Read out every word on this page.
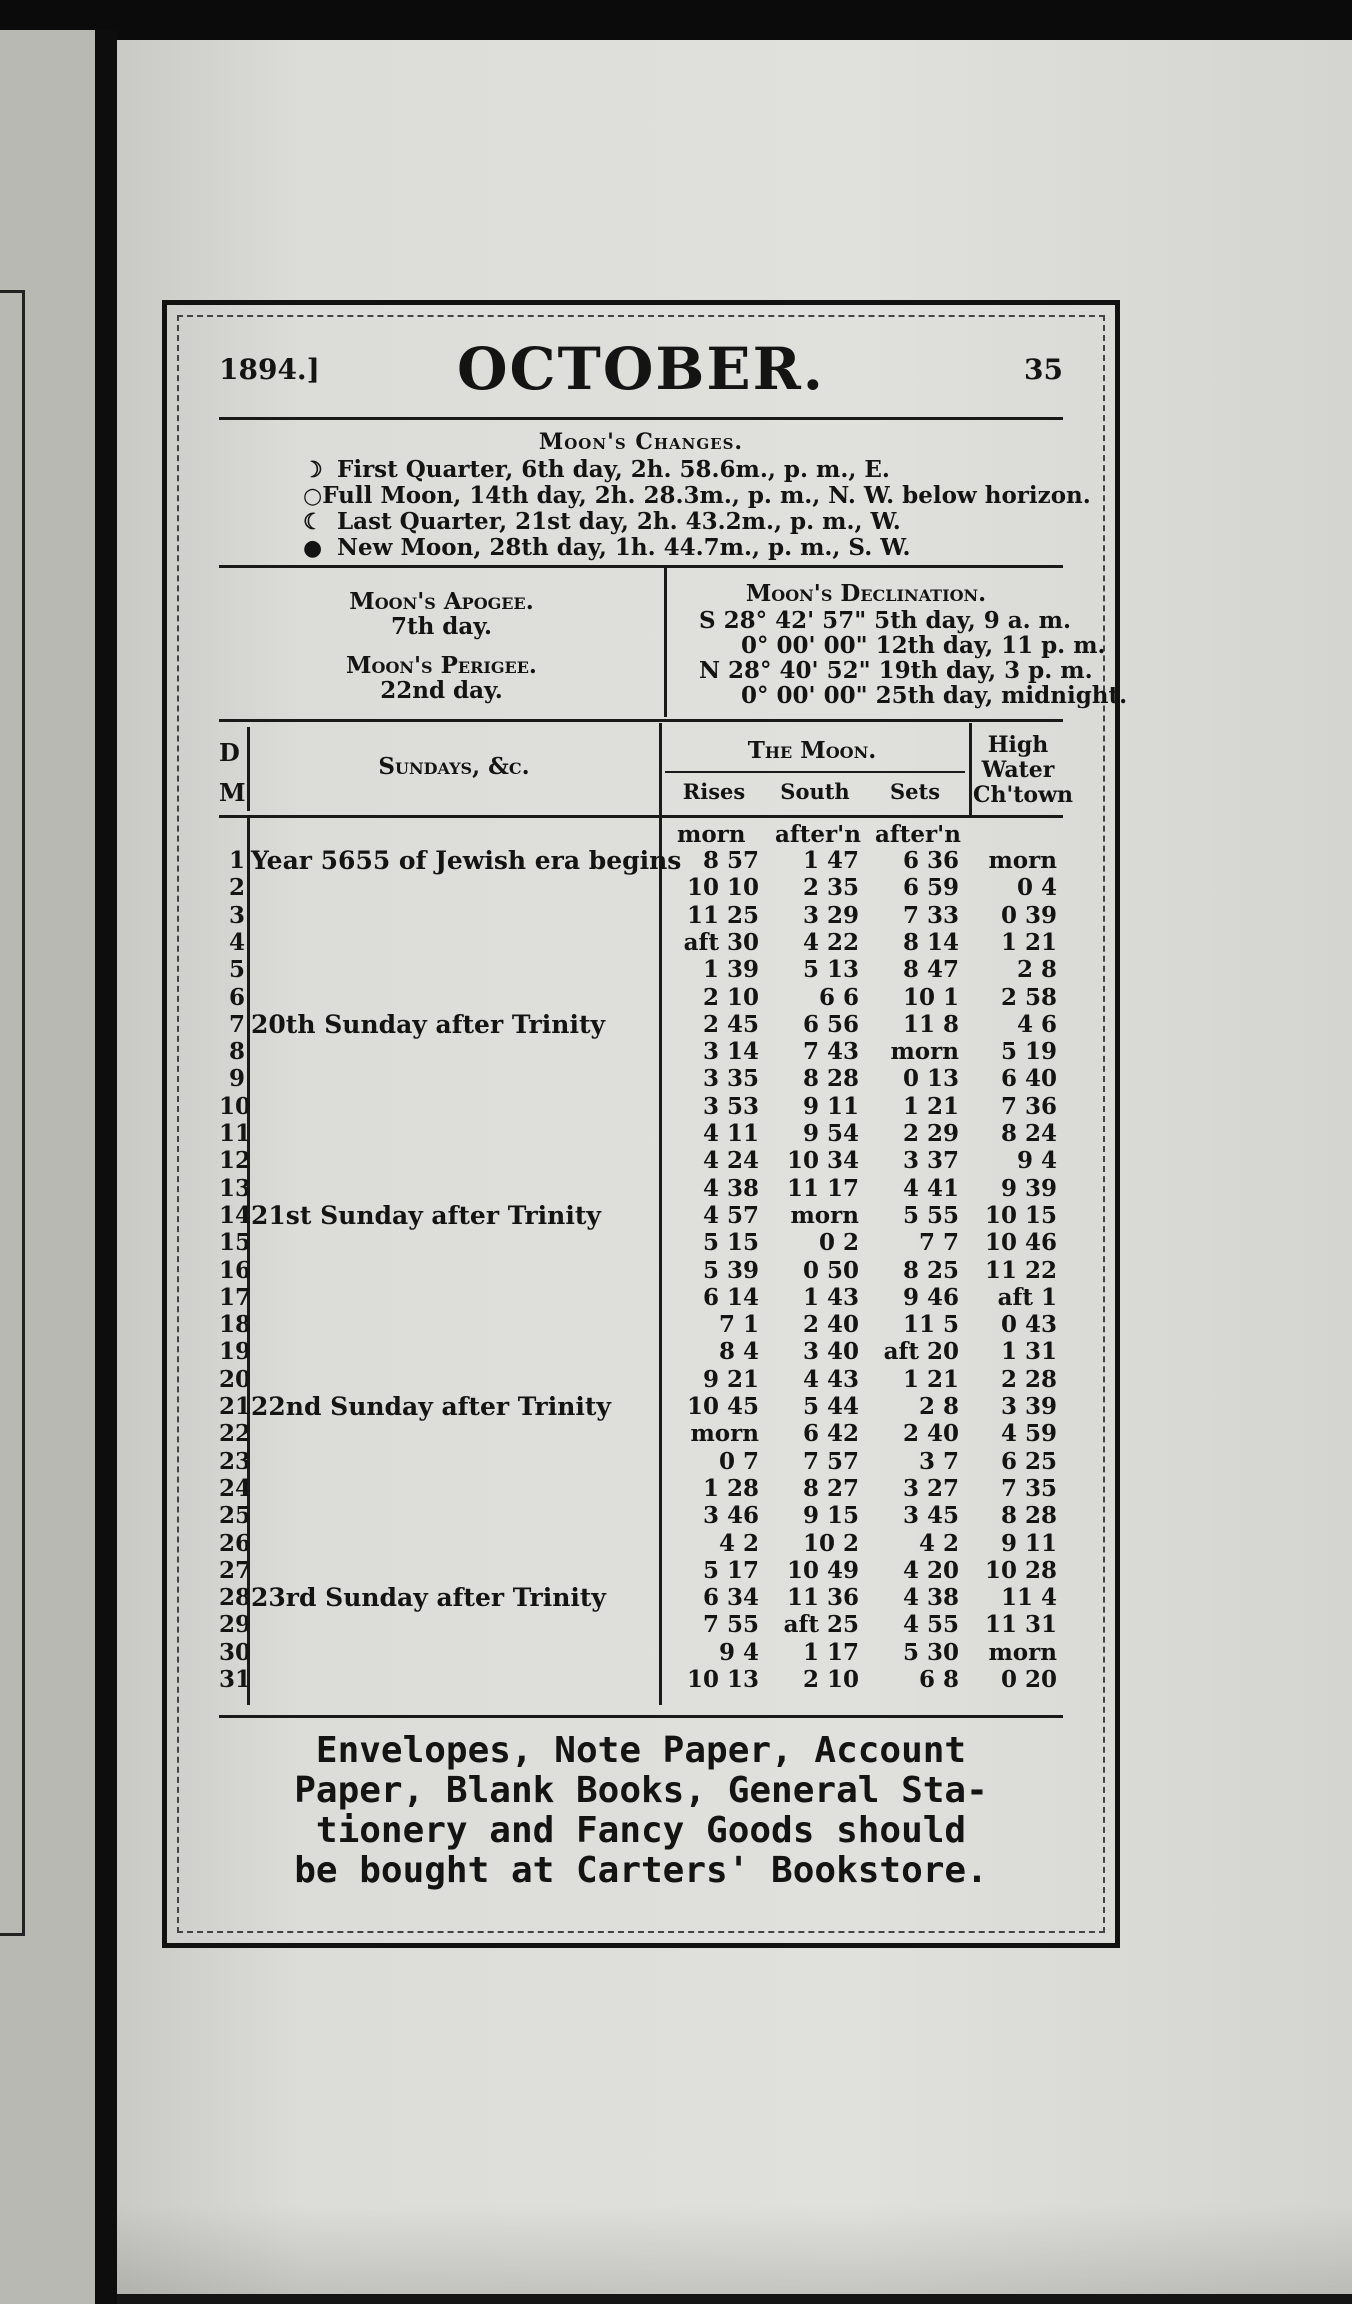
1894.]	OCTOBER.	35
Moon's Changes.
☽ First Quarter, 6th day, 2h. 58.6m., p. m., E.
○ Full Moon, 14th day, 2h. 28.3m., p. m., N. W. below horizon.
☾ Last Quarter, 21st day, 2h. 43.2m., p. m., W.
● New Moon, 28th day, 1h. 44.7m., p. m., S. W.
Moon's Apogee.
7th day.
Moon's Perigee.
22nd day.
Moon's Declination.
S 28° 42' 57" 5th day, 9 a. m.
0° 00' 00" 12th day, 11 p. m.
N 28° 40' 52" 19th day, 3 p. m.
0° 00' 00" 25th day, midnight.
D
M
Sundays, &c.
The Moon.
Rises	South	Sets
High
Water
Ch'town
morn	after'n after'n
1 Year 5655 of Jewish era begins 8 57	1 47	6 36	morn
2	10 10	2 35	6 59	0 4
3	11 25	3 29	7 33	0 39
4	aft 30	4 22	8 14	1 21
5	1 39	5 13	8 47	2 8
6	2 10	6 6	10 1	2 58
7 20th Sunday after Trinity	2 45	6 56	11 8	4 6
8	3 14	7 43	morn	5 19
9	3 35	8 28	0 13	6 40
10	3 53	9 11	1 21	7 36
11	4 11	9 54	2 29	8 24
12	4 24	10 34	3 37	9 4
13	4 38	11 17	4 41	9 39
14 21st Sunday after Trinity	4 57	morn	5 55	10 15
15	5 15	0 2	7 7	10 46
16	5 39	0 50	8 25	11 22
17	6 14	1 43	9 46	aft 1
18	7 1	2 40	11 5	0 43
19	8 4	3 40	aft 20	1 31
20	9 21	4 43	1 21	2 28
21 22nd Sunday after Trinity	10 45	5 44	2 8	3 39
22	morn	6 42	2 40	4 59
23	0 7	7 57	3 7	6 25
24	1 28	8 27	3 27	7 35
25	3 46	9 15	3 45	8 28
26	4 2	10 2	4 2	9 11
27	5 17	10 49	4 20	10 28
28 23rd Sunday after Trinity	6 34	11 36	4 38	11 4
29	7 55	aft 25	4 55	11 31
30	9 4	1 17	5 30	morn
31	10 13	2 10	6 8	0 20
Envelopes, Note Paper, Account
Paper, Blank Books, General Sta-
tionery and Fancy Goods should
be bought at Carters' Bookstore.
